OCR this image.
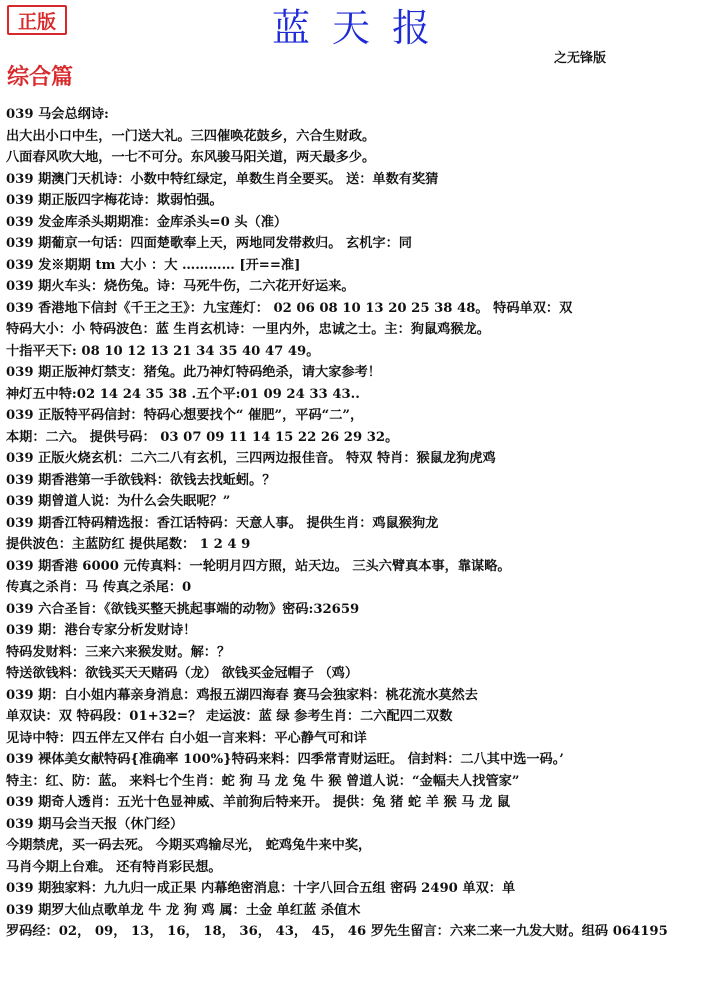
正版	蓝天报
之无锋版
综合篇
039 马会总纲诗:
出大出小口中生，一门送大礼。三四催唤花鼓乡，六合生财政。
八面春风吹大地，一七不可分。东风骏马阳关道，两天最多少。
039 期澳门天机诗：小数中特红绿定，单数生肖全要买。 送：单数有奖猜
039 期正版四字梅花诗：欺弱怕强。
039 发金库杀头期期准：金库杀头=0 头（准）
039 期葡京一句话：四面楚歌奉上天，两地同发帯救归。 玄机字：同
039 发※期期 tm 大小 ：大 ………… [开==准]
039 期火车头：烧伤兔。诗：马死牛伤，二六花开好运来。
039 香港地下信封《千王之王》：九宝莲灯： 02 06 08 10 13 20 25 38 48。 特码单双：双
特码大小：小 特码波色：蓝 生肖玄机诗：一里内外，忠诚之士。主：狗鼠鸡猴龙。
十指平天下: 08 10 12 13 21 34 35 40 47 49。
039 期正版神灯禁支：猪兔。此乃神灯特码绝杀，请大家参考！
神灯五中特:02 14 24 35 38 .五个平:01 09 24 33 43..
039 正版特平码信封：特码心想要找个“ 催肥”，平码“二”，
本期：二六。 提供号码： 03 07 09 11 14 15 22 26 29 32。
039 正版火烧玄机：二六二八有玄机，三四两边报佳音。 特双 特肖：猴鼠龙狗虎鸡
039 期香港第一手欲钱料：欲钱去找蚯蚓。？
039 期曾道人说：为什么会失眠呢？”
039 期香江特码精选报：香江话特码：天意人事。 提供生肖：鸡鼠猴狗龙
提供波色：主蓝防红 提供尾数： 1 2 4 9
039 期香港 6000 元传真料：一轮明月四方照，站天边。 三头六臂真本事，靠谋略。
传真之杀肖：马 传真之杀尾：0
039 六合圣旨：《欲钱买整天挑起事端的动物》密码:32659
039 期：港台专家分析发财诗！
特码发财料：三来六来猴发财。解：？
特送欲钱料：欲钱买天天赌码（龙） 欲钱买金冠帽子 （鸡）
039 期：白小姐内幕亲身消息：鸡报五湖四海春 赛马会独家料：桃花流水莫然去
单双诀：双 特码段：01+32=？ 走运波：蓝 绿 参考生肖：二六配四二双数
见诗中特：四五伴左又伴右 白小姐一言来料：平心静气可和详
039 裸体美女献特码{准确率 100%}特码来料：四季常青财运旺。 信封料：二八其中选一码。’
特主：红、防：蓝。 来料七个生肖：蛇 狗 马 龙 兔 牛 猴 曾道人说：“金幅夫人找管家”
039 期奇人透肖：五光十色显神威、羊前狗后特来开。 提供：兔 猪 蛇 羊 猴 马 龙 鼠
039 期马会当天报（休门经）
今期禁虎，买一码去死。 今期买鸡输尽光， 蛇鸡兔牛来中奖，
马肖今期上台难。 还有特肖彩民想。
039 期独家料：九九归一成正果 内幕绝密消息：十字八回合五组 密码 2490 单双：单
039 期罗大仙点歌单龙 牛 龙 狗 鸡 属：土金 单红蓝 杀值木
罗码经：02， 09， 13， 16， 18， 36， 43， 45， 46 罗先生留言：六来二来一九发大财。组码 064195
